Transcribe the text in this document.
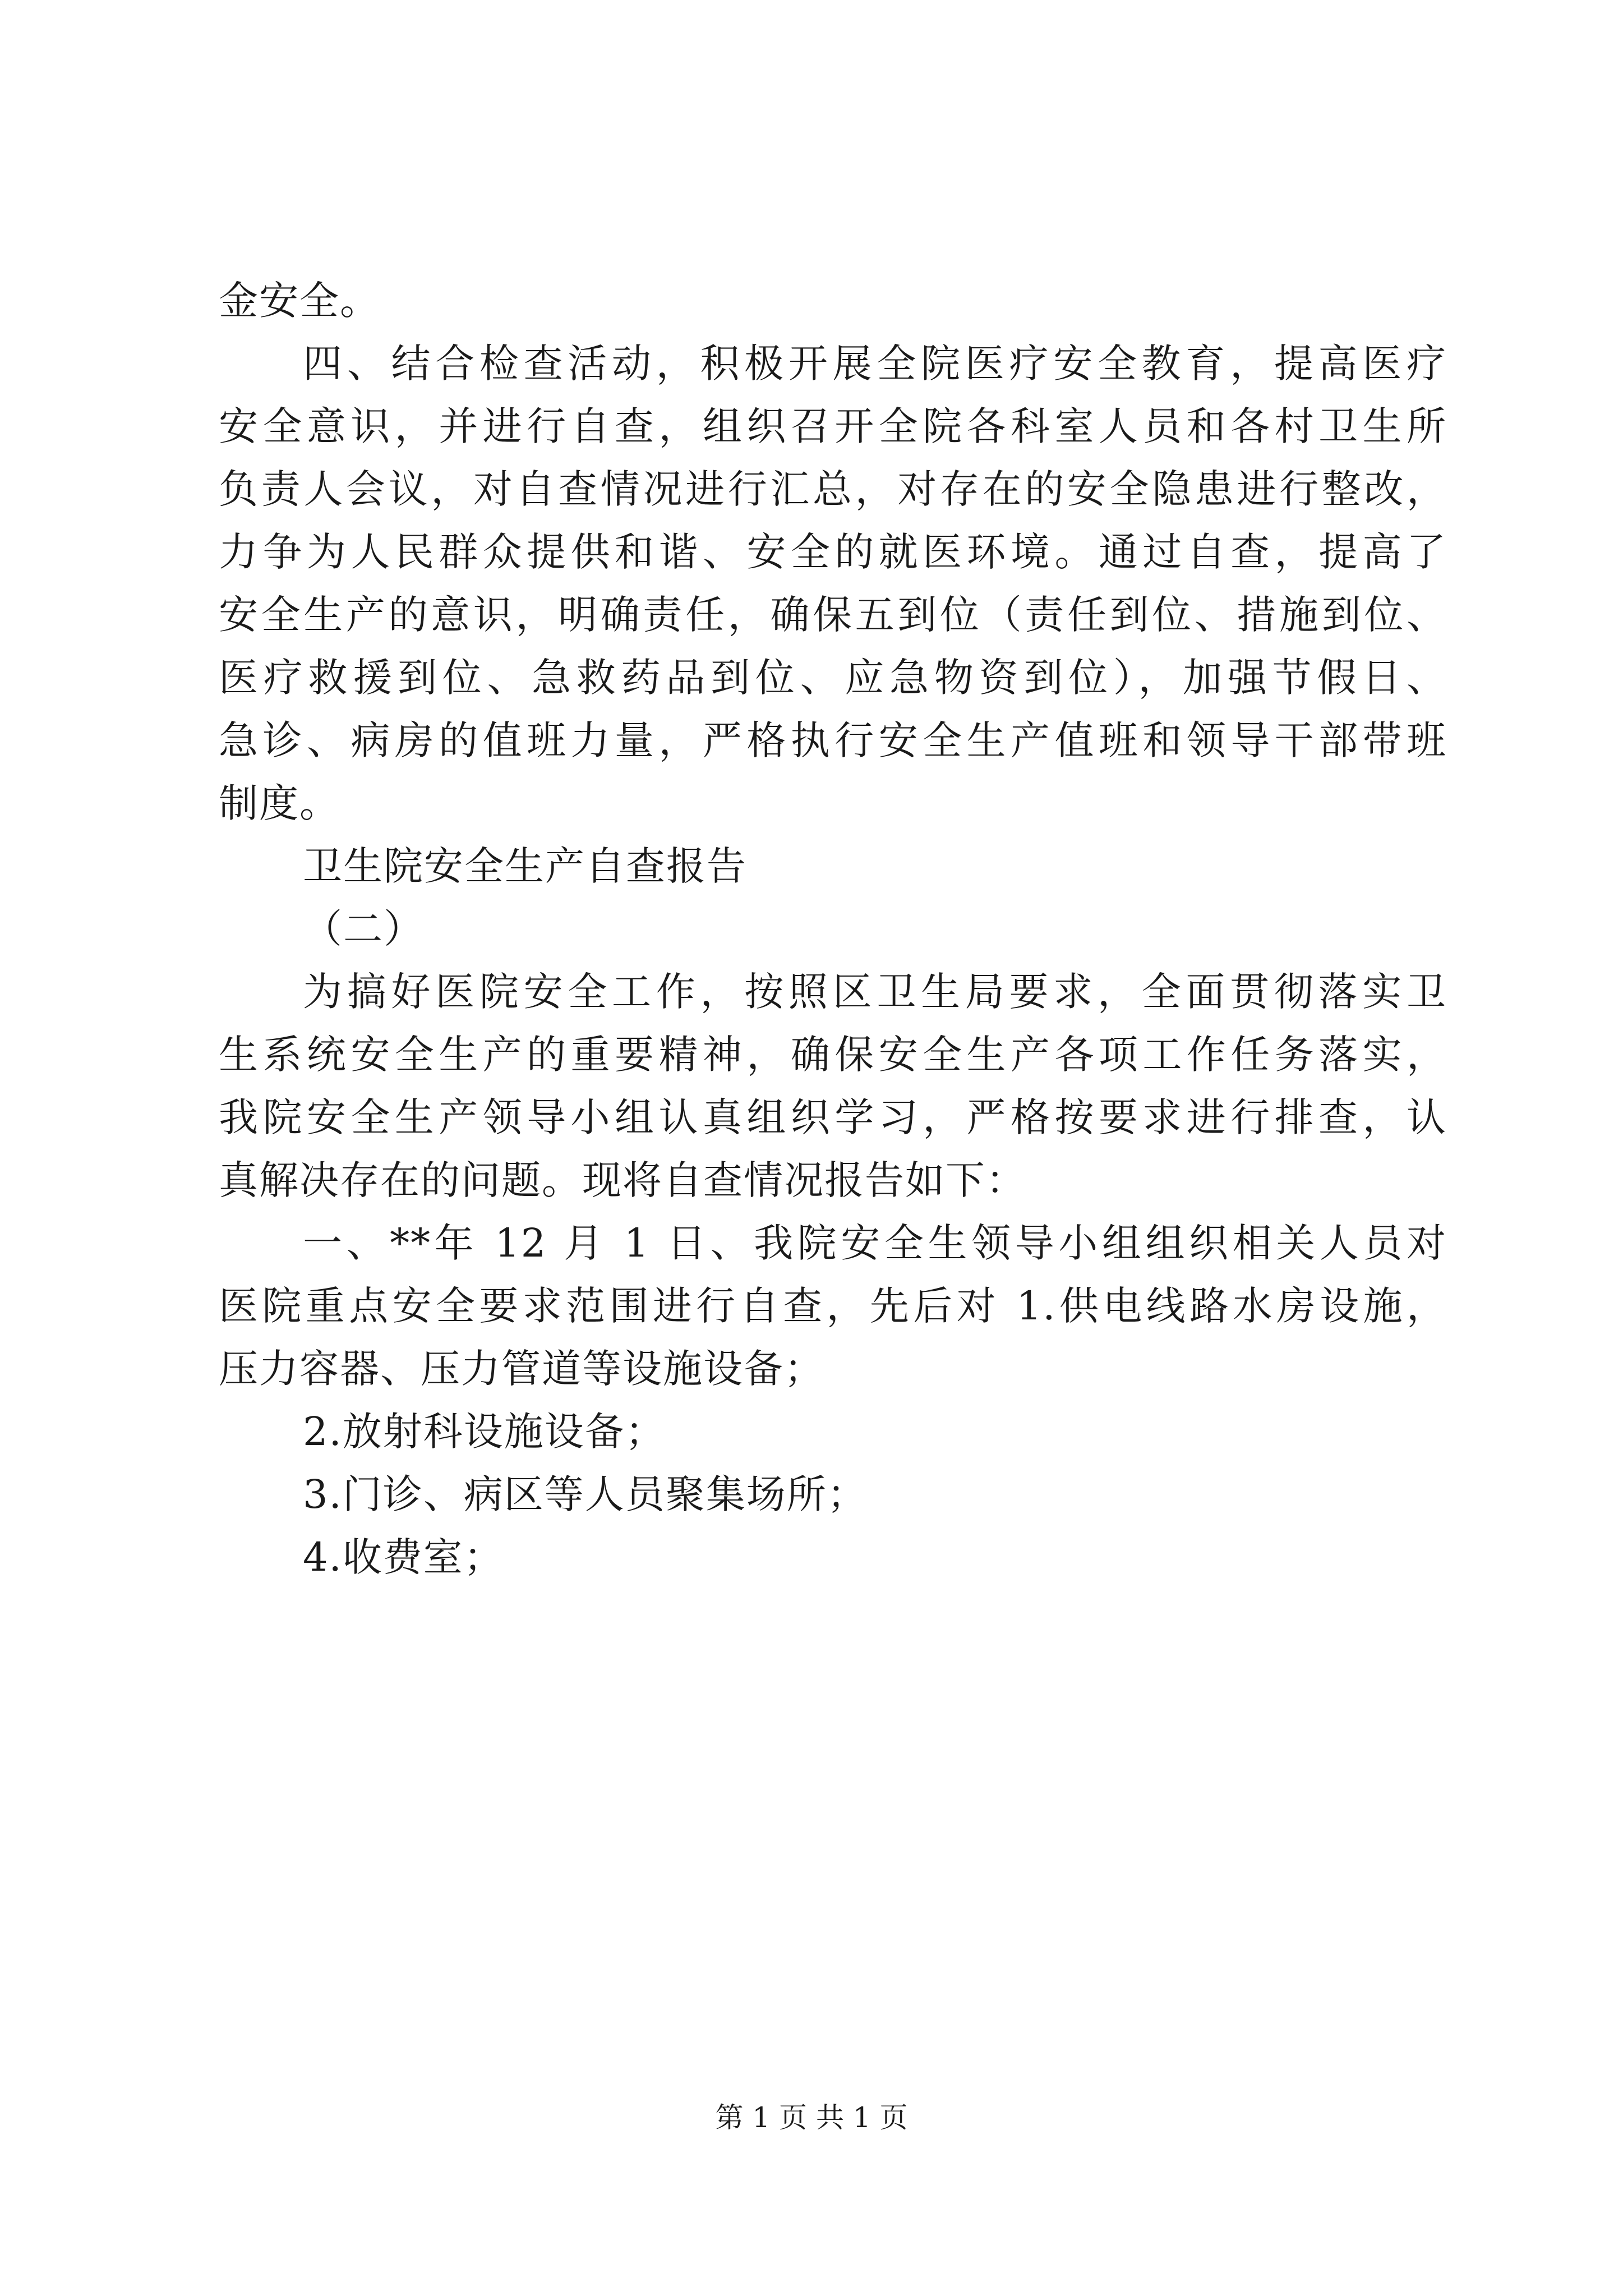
金安全。
四、结合检查活动，积极开展全院医疗安全教育，提高医疗
安全意识，并进行自查，组织召开全院各科室人员和各村卫生所
负责人会议，对自查情况进行汇总，对存在的安全隐患进行整改，
力争为人民群众提供和谐、安全的就医环境。通过自查，提高了
安全生产的意识，明确责任，确保五到位（责任到位、措施到位、
医疗救援到位、急救药品到位、应急物资到位），加强节假日、
急诊、病房的值班力量，严格执行安全生产值班和领导干部带班
制度。
卫生院安全生产自查报告
（二）
为搞好医院安全工作，按照区卫生局要求，全面贯彻落实卫
生系统安全生产的重要精神，确保安全生产各项工作任务落实，
我院安全生产领导小组认真组织学习，严格按要求进行排查，认
真解决存在的问题。现将自查情况报告如下：
一、**年 12 月 1 日、我院安全生领导小组组织相关人员对
医院重点安全要求范围进行自查，先后对 1.供电线路水房设施，
压力容器、压力管道等设施设备；
2.放射科设施设备；
3.门诊、病区等人员聚集场所；
4.收费室；
第 1 页 共 1 页
